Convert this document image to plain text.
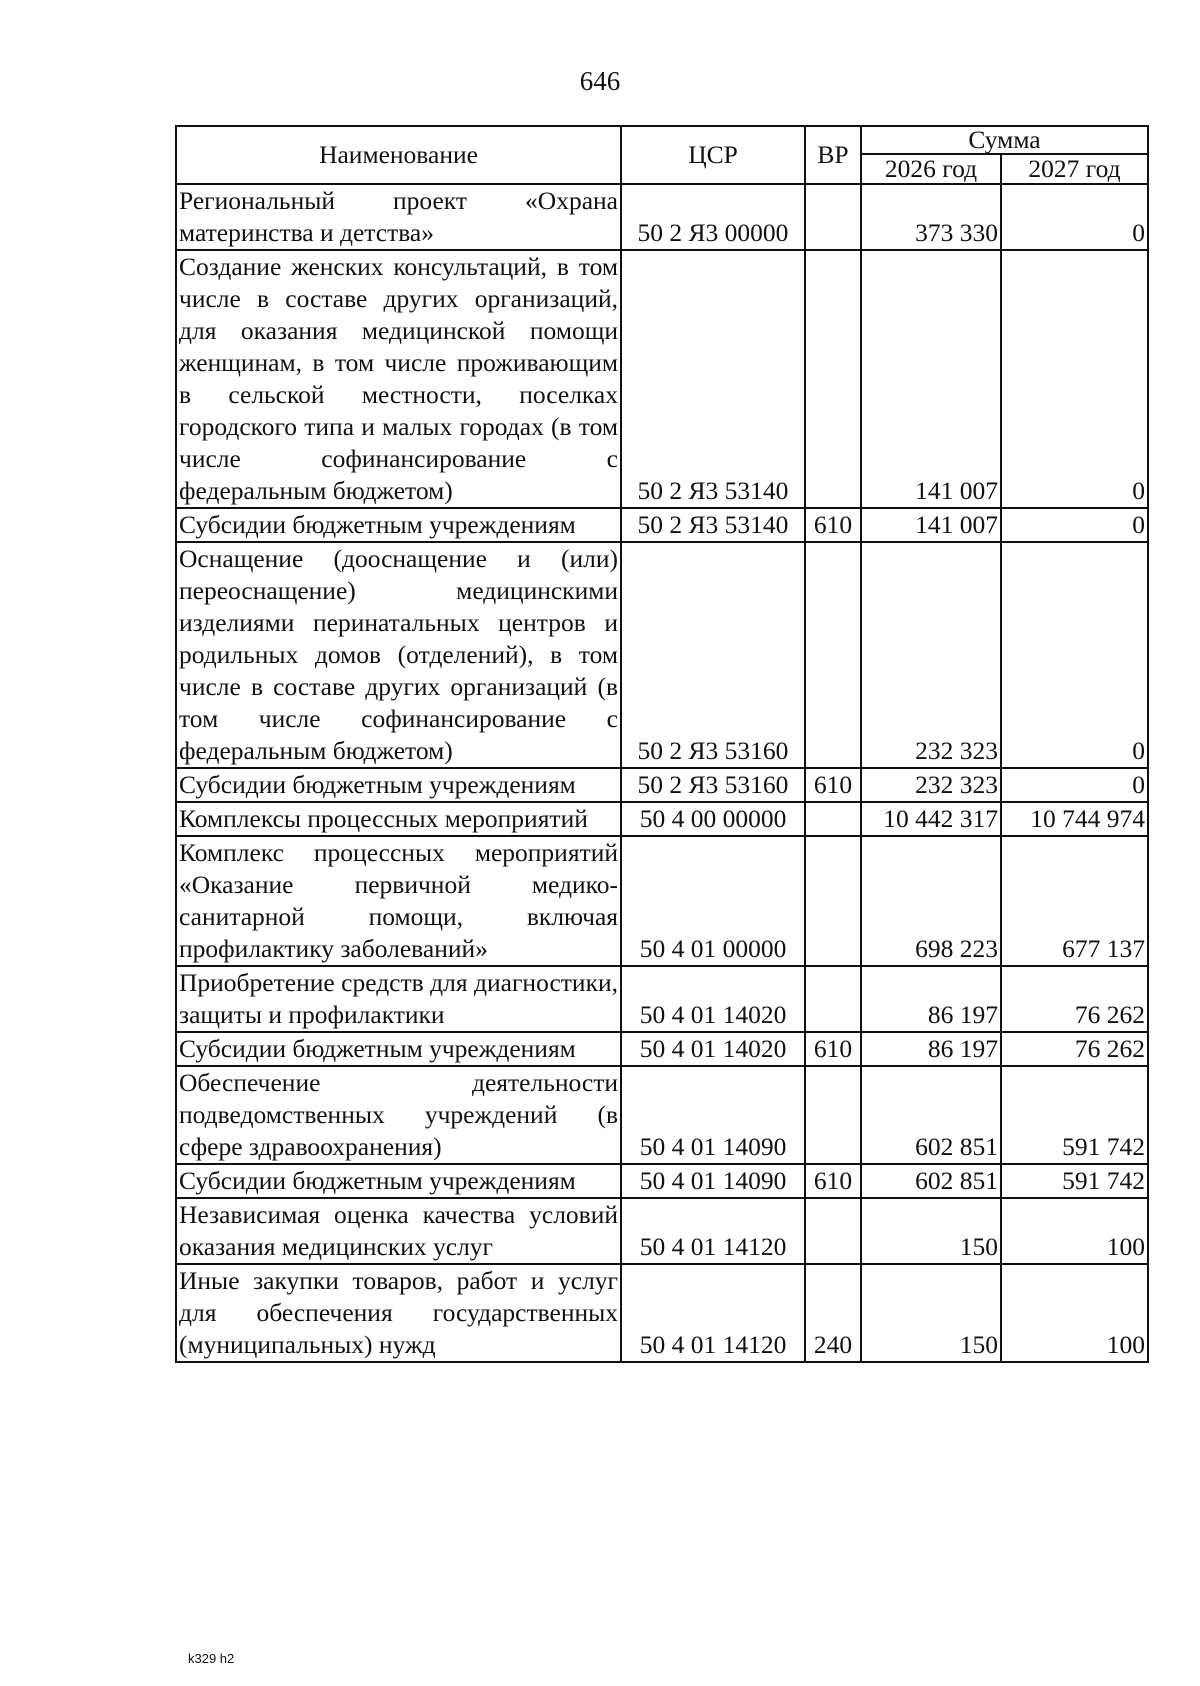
646
Наименование	ЦСР	ВР	Сумма	
			2026 год	2027 год
Региональный проект «Охрана материнства и детства»	50 2 Я3 00000		373 330	0
Создание женских консультаций, в том числе в составе других организаций, для оказания медицинской помощи женщинам, в том числе проживающим в сельской местности, поселках городского типа и малых городах (в том числе софинансирование с федеральным бюджетом)	50 2 Я3 53140		141 007	0
Субсидии бюджетным учреждениям	50 2 Я3 53140	610	141 007	0
Оснащение (дооснащение и (или) переоснащение) медицинскими изделиями перинатальных центров и родильных домов (отделений), в том числе в составе других организаций (в том числе софинансирование с федеральным бюджетом)	50 2 Я3 53160		232 323	0
Субсидии бюджетным учреждениям	50 2 Я3 53160	610	232 323	0
Комплексы процессных мероприятий	50 4 00 00000		10 442 317	10 744 974
Комплекс процессных мероприятий «Оказание первичной медико-санитарной помощи, включая профилактику заболеваний»	50 4 01 00000		698 223	677 137
Приобретение средств для диагностики, защиты и профилактики	50 4 01 14020		86 197	76 262
Субсидии бюджетным учреждениям	50 4 01 14020	610	86 197	76 262
Обеспечение деятельности подведомственных учреждений (в сфере здравоохранения)	50 4 01 14090		602 851	591 742
Субсидии бюджетным учреждениям	50 4 01 14090	610	602 851	591 742
Независимая оценка качества условий оказания медицинских услуг	50 4 01 14120		150	100
Иные закупки товаров, работ и услуг для обеспечения государственных (муниципальных) нужд	50 4 01 14120	240	150	100
k329 h2
